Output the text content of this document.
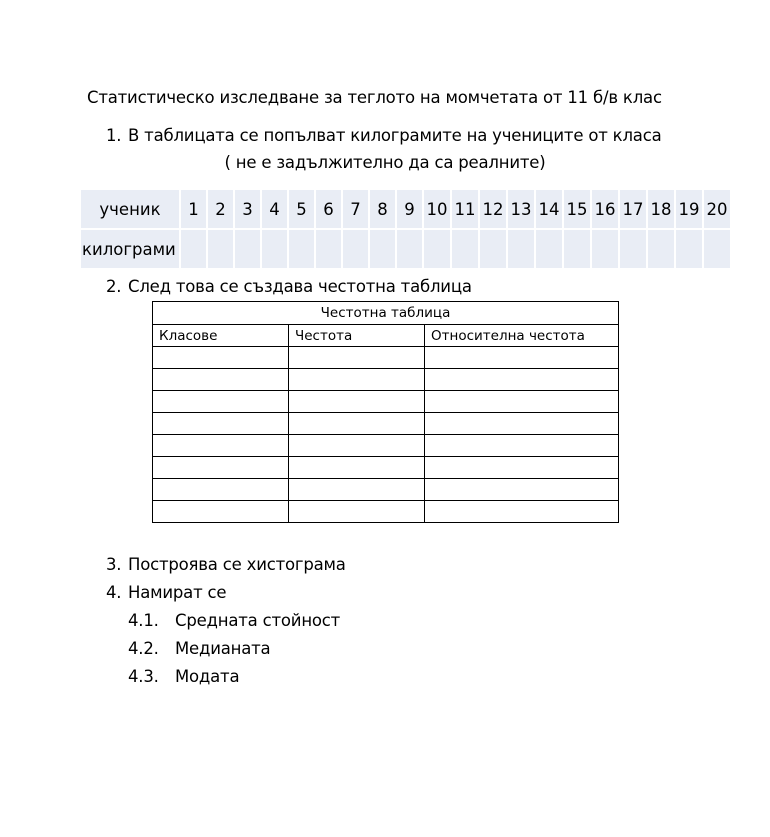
Статистическо изследване за теглото на момчетата от 11 б/в клас
1. В таблицата се попълват килограмите на учениците от класа
( не е задължително да са реалните)
ученик	1	2	3	4	5	6	7	8	9	10	11	12	13	14	15	16	17	18	19	20
килограми																				
2. След това се създава честотна таблица
Честотна таблица		
Класове	Честота	Относителна честота

3. Построява се хистограма
4. Намират се
4.1. Средната стойност
4.2. Медианата
4.3. Модата
